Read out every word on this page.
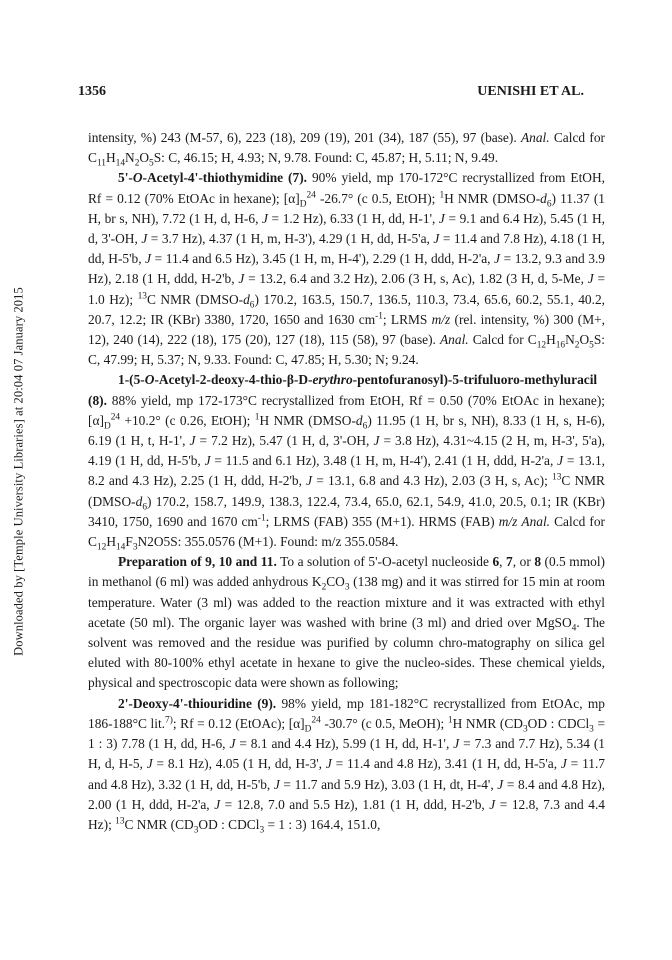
Downloaded by [Temple University Libraries] at 20:04 07 January 2015
1356	UENISHI ET AL.

intensity, %) 243 (M-57, 6), 223 (18), 209 (19), 201 (34), 187 (55), 97 (base). Anal. Calcd for $C_{11}H_{14}N_2O_5S$: C, 46.15; H, 4.93; N, 9.78. Found: C, 45.87; H, 5.11; N, 9.49.

5'-O-Acetyl-4'-thiothymidine (7). 90% yield, mp 170-172°C recrystallized from EtOH, Rf = 0.12 (70% EtOAc in hexane); $[\alpha]_D^{24}$ -26.7° (c 0.5, EtOH); $^1$H NMR $(DMSO-d_6)$ 11.37 (1 H, br s, NH), 7.72 (1 H, d, H-6, J = 1.2 Hz), 6.33 (1 H, dd, H-1', J = 9.1 and 6.4 Hz), 5.45 (1 H, d, 3'-OH, J = 3.7 Hz), 4.37 (1 H, m, H-3'), 4.29 (1 H, dd, H-5'a, J = 11.4 and 7.8 Hz), 4.18 (1 H, dd, H-5'b, J = 11.4 and 6.5 Hz), 3.45 (1 H, m, H-4'), 2.29 (1 H, ddd, H-2'a, J = 13.2, 9.3 and 3.9 Hz), 2.18 (1 H, ddd, H-2'b, J = 13.2, 6.4 and 3.2 Hz), 2.06 (3 H, s, Ac), 1.82 (3 H, d, 5-Me, J = 1.0 Hz); $^{13}$C NMR $(DMSO-d_6)$ 170.2, 163.5, 150.7, 136.5, 110.3, 73.4, 65.6, 60.2, 55.1, 40.2, 20.7, 12.2; IR (KBr) 3380, 1720, 1650 and 1630 $cm^{-1}$; LRMS m/z (rel. intensity, %) 300 (M+, 12), 240 (14), 222 (18), 175 (20), 127 (18), 115 (58), 97 (base). Anal. Calcd for $C_{12}H_{16}N_2O_5S$: C, 47.99; H, 5.37; N, 9.33. Found: C, 47.85; H, 5.30; N; 9.24.

1-(5-O-Acetyl-2-deoxy-4-thio-β-D-erythro-pentofuranosyl)-5-trifuluoro-methyluracil (8). 88% yield, mp 172-173°C recrystallized from EtOH, Rf = 0.50 (70% EtOAc in hexane); $[\alpha]_D^{24} +10.2^\circ$ (c 0.26, EtOH); $^1$H NMR $(DMSO-d_6)$ 11.95 (1 H, br s, NH), 8.33 (1 H, s, H-6), 6.19 (1 H, t, H-1', J = 7.2 Hz), 5.47 (1 H, d, 3'-OH, J = 3.8 Hz), 4.31~4.15 (2 H, m, H-3', 5'a), 4.19 (1 H, dd, H-5'b, J = 11.5 and 6.1 Hz), 3.48 (1 H, m, H-4'), 2.41 (1 H, ddd, H-2'a, J = 13.1, 8.2 and 4.3 Hz), 2.25 (1 H, ddd, H-2'b, J = 13.1, 6.8 and 4.3 Hz), 2.03 (3 H, s, Ac); $^{13}$C NMR $(DMSO-d_6)$ 170.2, 158.7, 149.9, 138.3, 122.4, 73.4, 65.0, 62.1, 54.9, 41.0, 20.5, 0.1; IR (KBr) 3410, 1750, 1690 and 1670 $cm^{-1}$; LRMS (FAB) 355 (M+1). HRMS (FAB) m/z Anal. Calcd for $C_{12}H_{14}F_3N2O5S$: 355.0576 (M+1). Found: m/z 355.0584.

Preparation of 9, 10 and 11. To a solution of 5'-O-acetyl nucleoside 6, 7, or 8 (0.5 mmol) in methanol (6 ml) was added anhydrous $K_2CO_3$ (138 mg) and it was stirred for 15 min at room temperature. Water (3 ml) was added to the reaction mixture and it was extracted with ethyl acetate (50 ml). The organic layer was washed with brine (3 ml) and dried over MgSO$_4$. The solvent was removed and the residue was purified by column chro-matography on silica gel eluted with 80-100% ethyl acetate in hexane to give the nucleo-sides. These chemical yields, physical and spectroscopic data were shown as following;

2'-Deoxy-4'-thiouridine (9). 98% yield, mp 181-182°C recrystallized from EtOAc, mp 186-188°C lit.$^{7)}$; Rf = 0.12 (EtOAc); $[\alpha]_D^{24}$ -30.7° (c 0.5, MeOH); $^1$H NMR ($CD_3OD$ : CDCl$_3$ = 1 : 3) 7.78 (1 H, dd, H-6, J = 8.1 and 4.4 Hz), 5.99 (1 H, dd, H-1', J = 7.3 and 7.7 Hz), 5.34 (1 H, d, H-5, J = 8.1 Hz), 4.05 (1 H, dd, H-3', J = 11.4 and 4.8 Hz), 3.41 (1 H, dd, H-5'a, J = 11.7 and 4.8 Hz), 3.32 (1 H, dd, H-5'b, J = 11.7 and 5.9 Hz), 3.03 (1 H, dt, H-4', J = 8.4 and 4.8 Hz), 2.00 (1 H, ddd, H-2'a, J = 12.8, 7.0 and 5.5 Hz), 1.81 (1 H, ddd, H-2'b, J = 12.8, 7.3 and 4.4 Hz); $^{13}$C NMR ($CD_3OD$ : CDCl$_3$ = 1 : 3) 164.4, 151.0,
